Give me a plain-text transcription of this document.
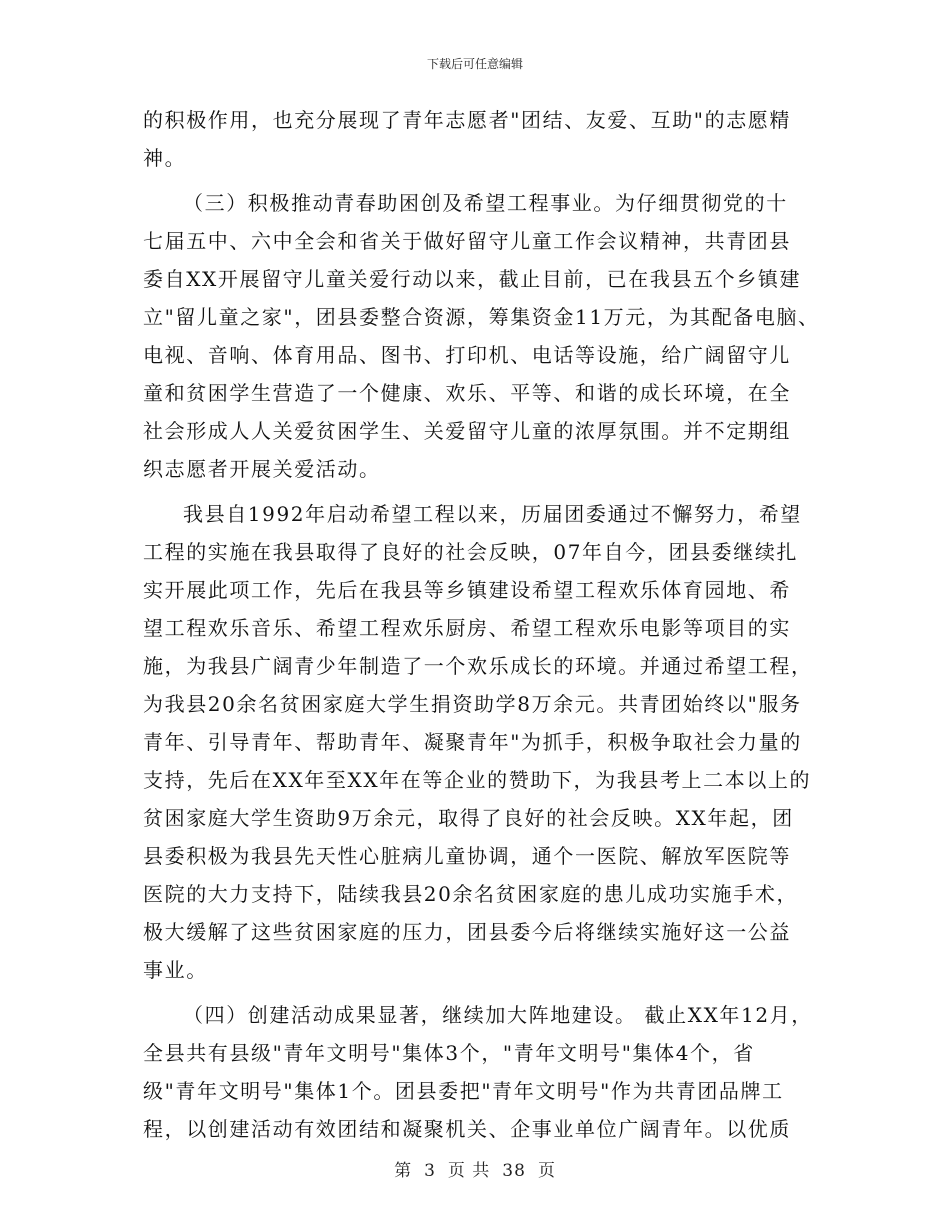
下载后可任意编辑
的积极作用，也充分展现了青年志愿者"团结、友爱、互助"的志愿精
神。
（三）积极推动青春助困创及希望工程事业。为仔细贯彻党的十
七届五中、六中全会和省关于做好留守儿童工作会议精神，共青团县
委自XX开展留守儿童关爱行动以来，截止目前，已在我县五个乡镇建
立"留儿童之家"，团县委整合资源，筹集资金11万元，为其配备电脑、
电视、音响、体育用品、图书、打印机、电话等设施，给广阔留守儿
童和贫困学生营造了一个健康、欢乐、平等、和谐的成长环境，在全
社会形成人人关爱贫困学生、关爱留守儿童的浓厚氛围。并不定期组
织志愿者开展关爱活动。
我县自1992年启动希望工程以来，历届团委通过不懈努力，希望
工程的实施在我县取得了良好的社会反映，07年自今，团县委继续扎
实开展此项工作，先后在我县等乡镇建设希望工程欢乐体育园地、希
望工程欢乐音乐、希望工程欢乐厨房、希望工程欢乐电影等项目的实
施，为我县广阔青少年制造了一个欢乐成长的环境。并通过希望工程，
为我县20余名贫困家庭大学生捐资助学8万余元。共青团始终以"服务
青年、引导青年、帮助青年、凝聚青年"为抓手，积极争取社会力量的
支持，先后在XX年至XX年在等企业的赞助下，为我县考上二本以上的
贫困家庭大学生资助9万余元，取得了良好的社会反映。XX年起，团
县委积极为我县先天性心脏病儿童协调，通个一医院、解放军医院等
医院的大力支持下，陆续我县20余名贫困家庭的患儿成功实施手术，
极大缓解了这些贫困家庭的压力，团县委今后将继续实施好这一公益
事业。
（四）创建活动成果显著，继续加大阵地建设。 截止XX年12月，
全县共有县级"青年文明号"集体3个，"青年文明号"集体4个，省
级"青年文明号"集体1个。团县委把"青年文明号"作为共青团品牌工
程，以创建活动有效团结和凝聚机关、企事业单位广阔青年。以优质
第 3 页 共 38 页
